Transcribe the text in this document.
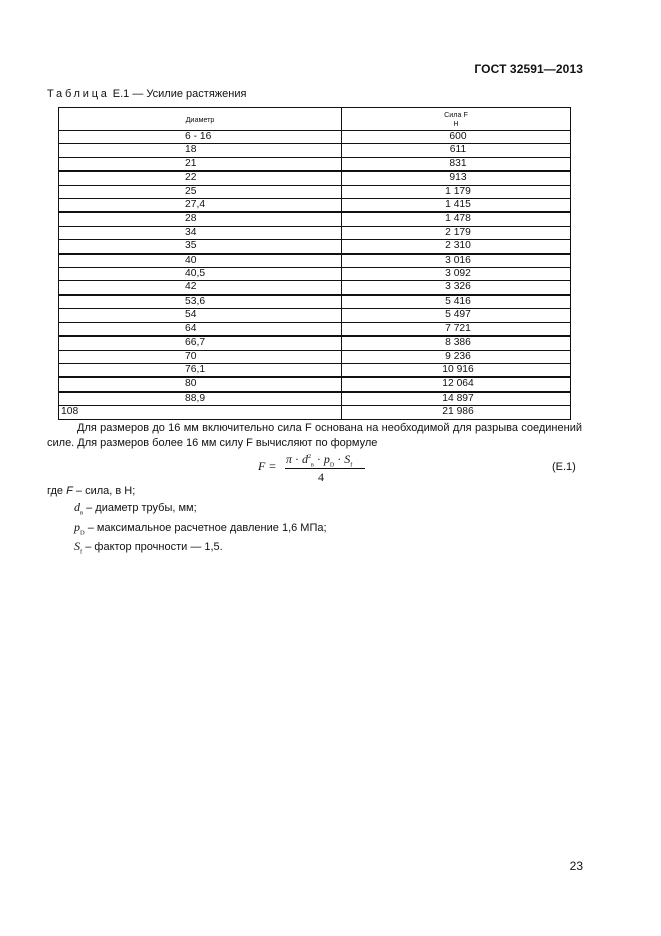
ГОСТ 32591—2013
Таблица Е.1 — Усилие растяжения
Диаметр	Сила F
Н
6 - 16	600
18	611
21	831
22	913
25	1 179
27,4	1 415
28	1 478
34	2 179
35	2 310
40	3 016
40,5	3 092
42	3 326
53,6	5 416
54	5 497
64	7 721
66,7	8 386
70	9 236
76,1	10 916
80	12 064
88,9	14 897
108	21 986
Для размеров до 16 мм включительно сила F основана на необходимой для разрыва соединений силе. Для размеров более 16 мм силу F вычисляют по формуле
$F = \pi \cdot d^2_в \cdot p_D \cdot S_f$
4
(Е.1)
где F – сила, в Н;
$d_в$ – диаметр трубы, мм;
$p_D$ – максимальное расчетное давление 1,6 МПа;
$S_f$ – фактор прочности — 1,5.
23
